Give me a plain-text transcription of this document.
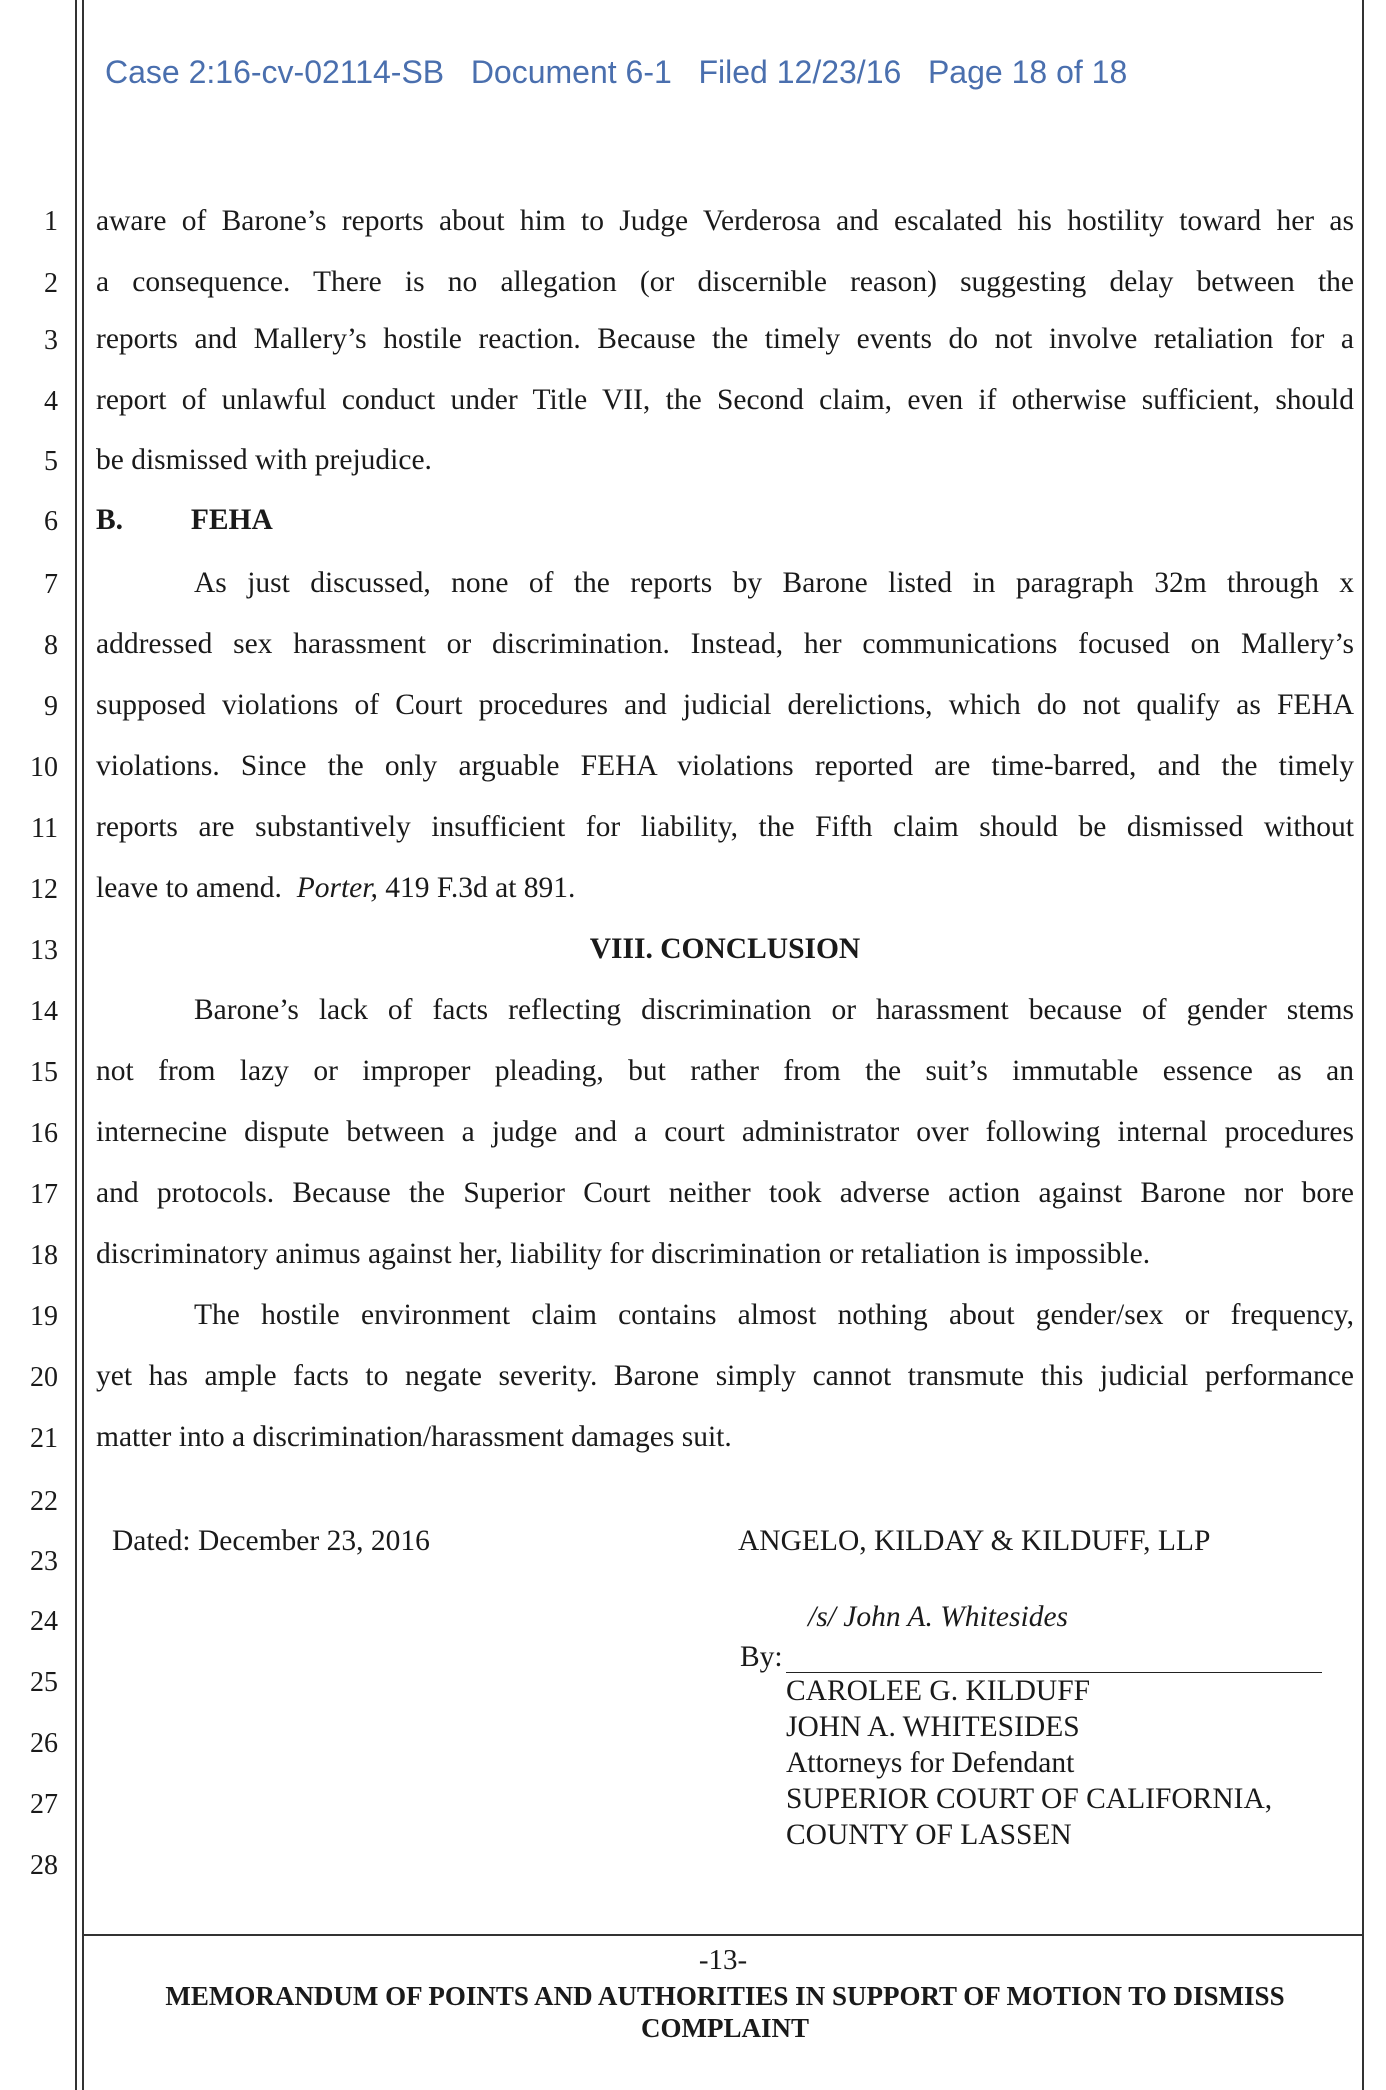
Case 2:16-cv-02114-SB   Document 6-1   Filed 12/23/16   Page 18 of 18
1
2
3
4
5
6
7
8
9
10
11
12
13
14
15
16
17
18
19
20
21
22
23
24
25
26
27
28
aware of Barone’s reports about him to Judge Verderosa and escalated his hostility toward her as
a consequence. There is no allegation (or discernible reason) suggesting delay between the
reports and Mallery’s hostile reaction. Because the timely events do not involve retaliation for a
report of unlawful conduct under Title VII, the Second claim, even if otherwise sufficient, should
be dismissed with prejudice.
B. FEHA
As just discussed, none of the reports by Barone listed in paragraph 32m through x
addressed sex harassment or discrimination. Instead, her communications focused on Mallery’s
supposed violations of Court procedures and judicial derelictions, which do not qualify as FEHA
violations. Since the only arguable FEHA violations reported are time-barred, and the timely
reports are substantively insufficient for liability, the Fifth claim should be dismissed without
leave to amend.  Porter, 419 F.3d at 891.
VIII. CONCLUSION
Barone’s lack of facts reflecting discrimination or harassment because of gender stems
not from lazy or improper pleading, but rather from the suit’s immutable essence as an
internecine dispute between a judge and a court administrator over following internal procedures
and protocols. Because the Superior Court neither took adverse action against Barone nor bore
discriminatory animus against her, liability for discrimination or retaliation is impossible.
The hostile environment claim contains almost nothing about gender/sex or frequency,
yet has ample facts to negate severity. Barone simply cannot transmute this judicial performance
matter into a discrimination/harassment damages suit.
Dated: December 23, 2016	ANGELO, KILDAY & KILDUFF, LLP
/s/ John A. Whitesides
By:
CAROLEE G. KILDUFF
JOHN A. WHITESIDES
Attorneys for Defendant
SUPERIOR COURT OF CALIFORNIA,
COUNTY OF LASSEN
-13-
MEMORANDUM OF POINTS AND AUTHORITIES IN SUPPORT OF MOTION TO DISMISS
COMPLAINT
